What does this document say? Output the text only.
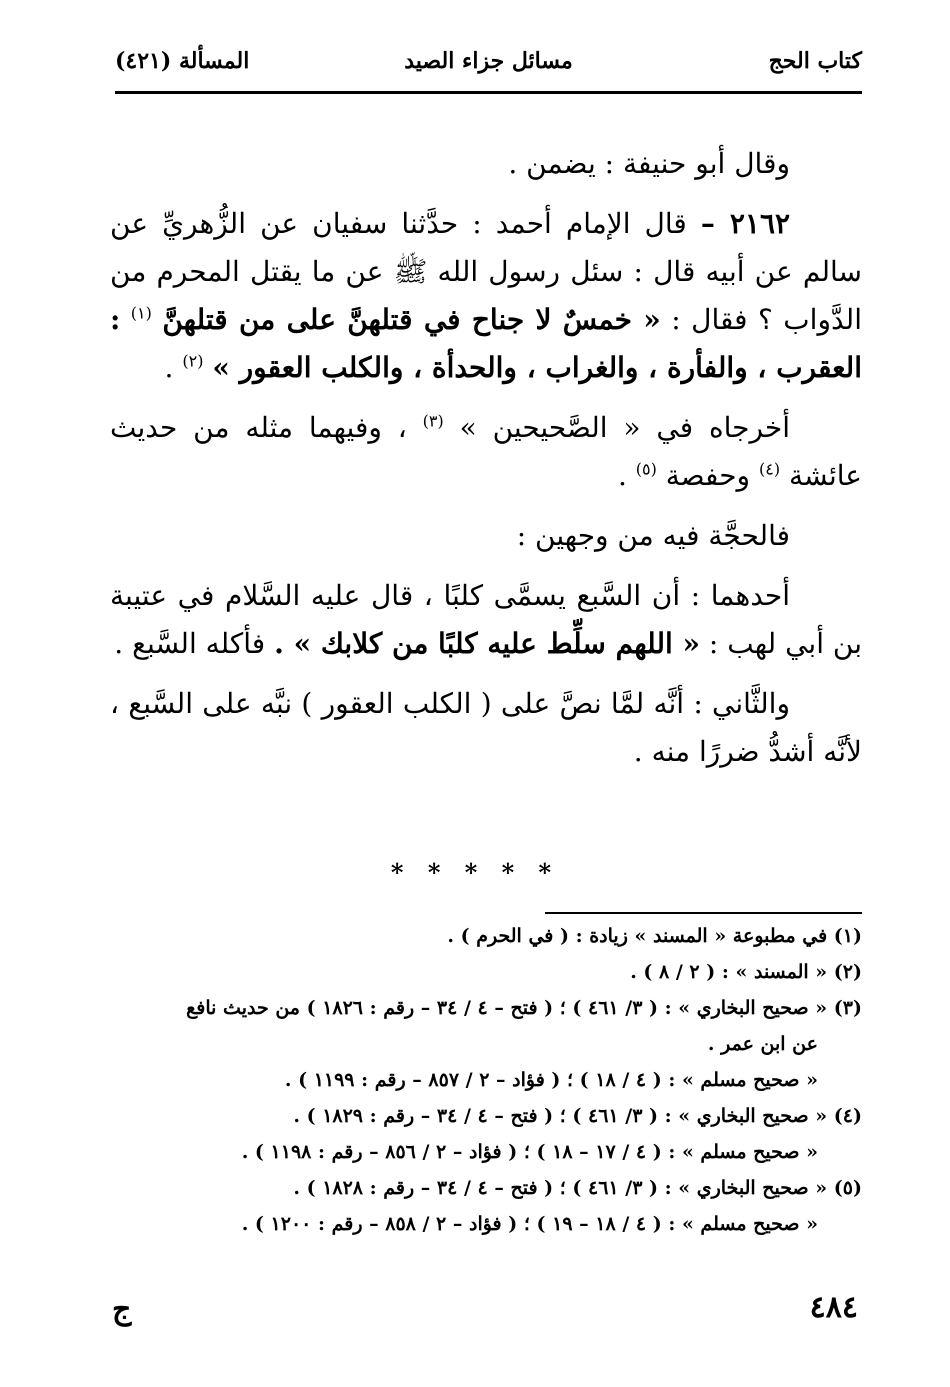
كتاب الحج
مسائل جزاء الصيد
المسألة (٤٢١)

وقال أبو حنيفة : يضمن .

٢١٦٢ – قال الإمام أحمد : حدَّثنا سفيان عن الزُّهريِّ عن سالم عن أبيه قال : سئل رسول الله ﷺ عن ما يقتل المحرم من الدَّواب ؟ فقال : « خمسٌ لا جناح في قتلهنَّ على من قتلهنَّ $^{(١)}$ : العقرب ، والفأرة ، والغراب ، والحدأة ، والكلب العقور » $^{(٢)}$ .

أخرجاه في « الصَّحيحين » $^{(٣)}$ ، وفيهما مثله من حديث عائشة $^{(٤)}$ وحفصة $^{(٥)}$ .

فالحجَّة فيه من وجهين :

أحدهما : أن السَّبع يسمَّى كلبًا ، قال عليه السَّلام في عتيبة بن أبي لهب : « اللهم سلِّط عليه كلبًا من كلابك » . فأكله السَّبع .

والثَّاني : أنَّه لمَّا نصَّ على ( الكلب العقور ) نبَّه على السَّبع ، لأنَّه أشدُّ ضررًا منه .

* * * * *

(١) في مطبوعة « المسند » زيادة : ( في الحرم ) .

(٢) « المسند » : ( ٢ / ٨ ) .

(٣) « صحيح البخاري » : ( ٣/ ٤٦١ ) ؛ ( فتح – ٤ / ٣٤ – رقم : ١٨٢٦ ) من حديث نافع

عن ابن عمر .

« صحيح مسلم » : ( ٤ / ١٨ ) ؛ ( فؤاد – ٢ / ٨٥٧ – رقم : ١١٩٩ ) .

(٤) « صحيح البخاري » : ( ٣/ ٤٦١ ) ؛ ( فتح – ٤ / ٣٤ – رقم : ١٨٢٩ ) .

« صحيح مسلم » : ( ٤ / ١٧ – ١٨ ) ؛ ( فؤاد – ٢ / ٨٥٦ – رقم : ١١٩٨ ) .

(٥) « صحيح البخاري » : ( ٣/ ٤٦١ ) ؛ ( فتح – ٤ / ٣٤ – رقم : ١٨٢٨ ) .

« صحيح مسلم » : ( ٤ / ١٨ – ١٩ ) ؛ ( فؤاد – ٢ / ٨٥٨ – رقم : ١٢٠٠ ) .

٤٨٤
ج
